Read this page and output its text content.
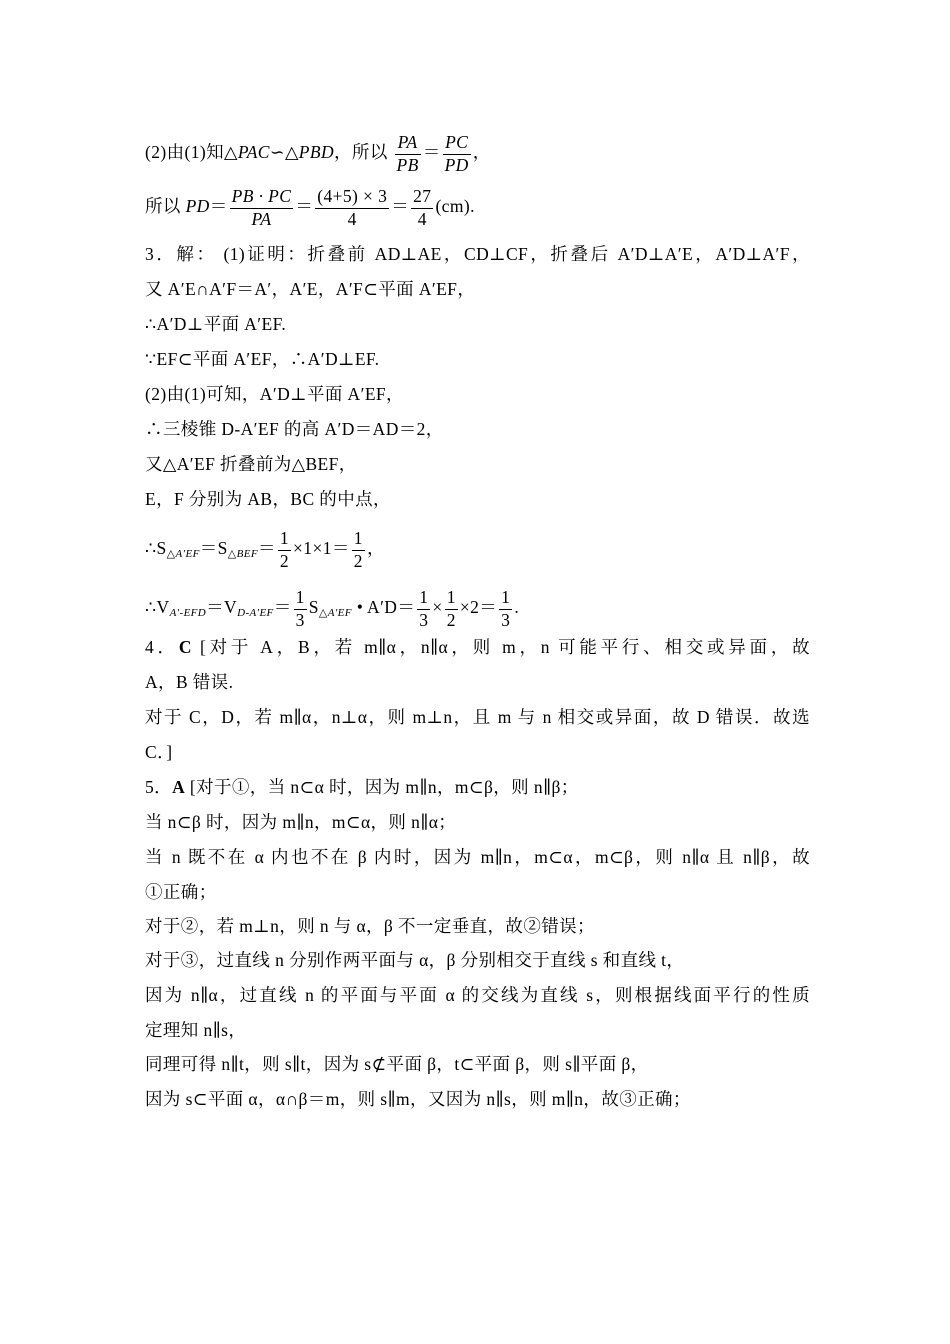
(2)由(1)知△PAC∽△PBD，所以 $\frac{PA}{PB} = \frac{PC}{PD}$ ，
所以 $PD= \frac{PB \cdot PC}{PA} = \frac{(4+5) \times 3}{4} = \frac{27}{4} (cm)$.
3．解： (1)证明：折叠前 AD⊥AE，CD⊥CF，折叠后 A′D⊥A′E，A′D⊥A′F，
又 A′E∩A′F＝A′，A′E，A′F⊂平面 A′EF，
∴A′D⊥平面 A′EF.
∵EF⊂平面 A′EF，∴A′D⊥EF.
(2)由(1)可知，A′D⊥平面 A′EF，
∴三棱锥 D-A′EF 的高 A′D＝AD＝2，
又△A′EF 折叠前为△BEF，
E，F 分别为 AB，BC 的中点，
$\therefore S_{\triangle A'EF}=S_{\triangle BEF}= \frac{1}{2} \times 1\times 1= \frac{1}{2}$ ，
$\therefore V_{A'-EFD}=V_{D-A'EF}= \frac{1}{3} S_{\triangle A'EF}$ • $A'D= \frac{1}{3} \times \frac{1}{2} \times 2= \frac{1}{3}$ .
4．C [对于 A，B，若 m∥α，n∥α，则 m，n 可能平行、相交或异面，故
A，B 错误.
对于 C，D，若 m∥α，n⊥α，则 m⊥n，且 m 与 n 相交或异面，故 D 错误．故选
C．]
5．A [对于①，当 n⊂α 时，因为 m∥n，m⊂β，则 n∥β；
当 n⊂β 时，因为 m∥n，m⊂α，则 n∥α；
当 n 既不在 α 内也不在 β 内时，因为 m∥n，m⊂α，m⊂β，则 n∥α 且 n∥β，故
①正确；
对于②，若 m⊥n，则 n 与 α，β 不一定垂直，故②错误；
对于③，过直线 n 分别作两平面与 α，β 分别相交于直线 s 和直线 t，
因为 n∥α，过直线 n 的平面与平面 α 的交线为直线 s，则根据线面平行的性质
定理知 n∥s，
同理可得 n∥t，则 s∥t，因为 s⊄平面 β，t⊂平面 β，则 s∥平面 β，
因为 s⊂平面 α，α∩β＝m，则 s∥m，又因为 n∥s，则 m∥n，故③正确；
